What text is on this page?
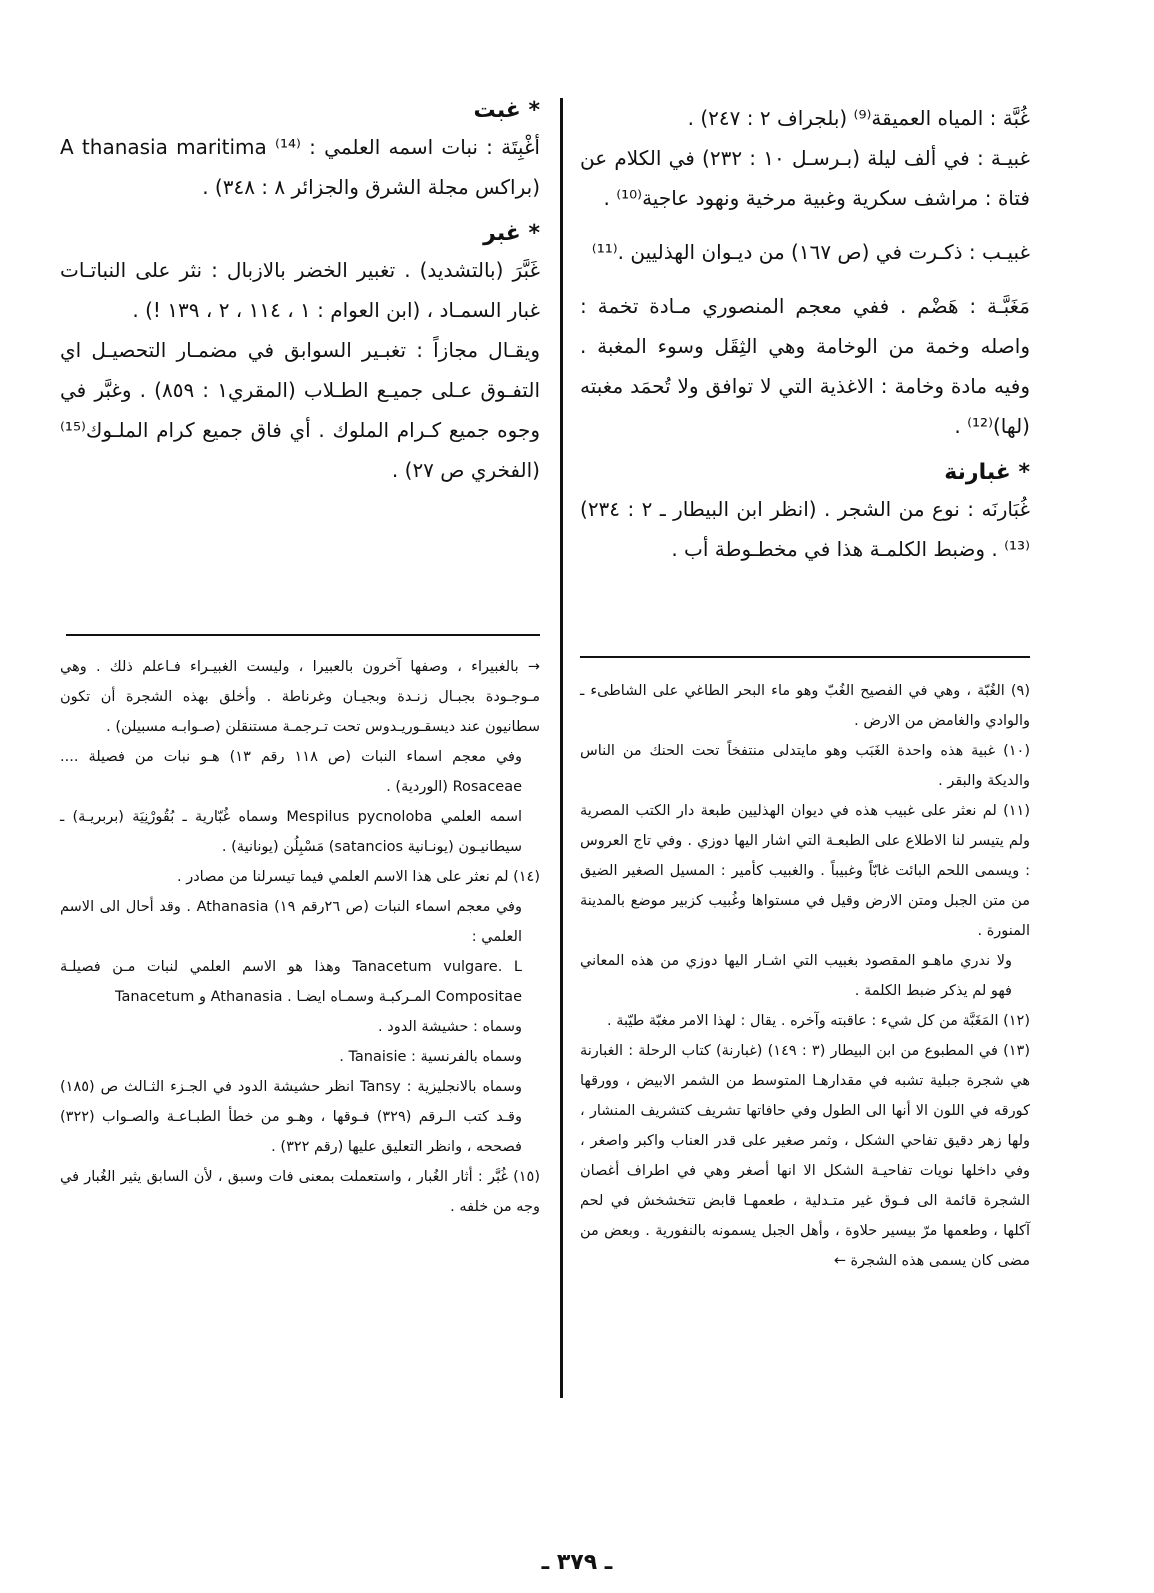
غُبَّة : المياه العميقة⁽⁹⁾ (بلجراف ٢ : ٢٤٧) .

غبيـة : في ألف ليلة (بـرسـل ١٠ : ٢٣٢) في الكلام عن فتاة : مراشف سكرية وغبية مرخية ونهود عاجية⁽¹⁰⁾ .

غبيـب : ذكـرت في (ص ١٦٧) من ديـوان الهذليين .⁽¹¹⁾

مَغَبَّـة : هَضْم . ففي معجم المنصوري مـادة تخمة : واصله وخمة من الوخامة وهي الثِقَل وسوء المغبة . وفيه مادة وخامة : الاغذية التي لا توافق ولا تُحمَد مغبته (لها)⁽¹²⁾ .

* غبارنة

غُبَارنَه : نوع من الشجر . (انظر ابن البيطار ـ ٢ : ٢٣٤)⁽¹³⁾ . وضبط الكلمـة هذا في مخطـوطة أب .

* غبت

أغْبِتَة : نبات اسمه العلمي : A thanasia maritima ⁽¹⁴⁾(براكس مجلة الشرق والجزائر ٨ : ٣٤٨) .

* غبر

غَبَّرَ (بالتشديد) . تغبير الخضر بالازبال : نثر على النباتـات غبار السمـاد ، (ابن العوام : ١ ، ١١٤ ، ٢ ، ١٣٩ !) .

ويقـال مجازاً : تغبـير السوابق في مضمـار التحصيـل اي التفـوق عـلى جميـع الطـلاب (المقري١ : ٨٥٩) . وغبَّر في وجوه جميع كـرام الملوك . أي فاق جميع كرام الملـوك⁽¹⁵⁾ (الفخري ص ٢٧) .

(٩) الغُبّة ، وهي في الفصيح الغُبّ وهو ماء البحر الطاغي على الشاطىء ـ والوادي والغامض من الارض .

(١٠) غبية هذه واحدة الغَبَب وهو مايتدلى منتفخاً تحت الحنك من الناس والديكة والبقر .

(١١) لم نعثر على غبيب هذه في ديوان الهذليين طبعة دار الكتب المصرية ولم يتيسر لنا الاطلاع على الطبعـة التي اشار اليها دوزي . وفي تاج العروس : ويسمى اللحم البائت غابّاً وغبيباً . والغبيب كأمير : المسيل الصغير الضيق من متن الجبل ومتن الارض وقيل في مستواها وغُبيب كزبير موضع بالمدينة المنورة .

ولا ندري ماهـو المقصود بغبيب التي اشـار اليها دوزي من هذه المعاني فهو لم يذكر ضبط الكلمة .

(١٢) المَغَبَّة من كل شيء : عاقبته وآخره . يقال : لهذا الامر مغبّة طيّبة .

(١٣) في المطبوع من ابن البيطار (٣ : ١٤٩) (غبارنة) كتاب الرحلة : الغبارنة هي شجرة جبلية تشبه في مقدارهـا المتوسط من الشمر الابيض ، وورقها كورقه في اللون الا أنها الى الطول وفي حافاتها تشريف كتشريف المنشار ، ولها زهر دقيق تفاحي الشكل ، وثمر صغير على قدر العناب واكبر واصغر ، وفي داخلها نويات تفاحيـة الشكل الا انها أصغر وهي في اطراف أغصان الشجرة قائمة الى فـوق غير متـدلية ، طعمهـا قابض تتخشخش في لحم آكلها ، وطعمها مرّ بيسير حلاوة ، وأهل الجبل يسمونه بالنفورية . وبعض من مضى كان يسمى هذه الشجرة ←

→ بالغبيراء ، وصفها آخرون بالعبيرا ، وليست الغبيـراء فـاعلم ذلك . وهي مـوجـودة بجبـال زنـدة وبجيـان وغرناطة . وأخلق بهذه الشجرة أن تكون سطانيون عند ديسقـوريـدوس تحت تـرجمـة مستنقلن (صـوابـه مسبيلن) .

وفي معجم اسماء النبات (ص ١١٨ رقم ١٣) هـو نبات من فصيلة .... Rosaceae (الوردية) .

اسمه العلمي Mespilus pycnoloba وسماه غُبّارية ـ بُقُورْنِيَة (بربريـة) ـ سيطانيـون (يونـانية satancios) مَسْبِلُن (يونانية) .

(١٤) لم نعثر على هذا الاسم العلمي فيما تيسرلنا من مصادر .

وفي معجم اسماء النبات (ص ٢٦رقم ١٩) Athanasia . وقد أحال الى الاسم العلمي :

Tanacetum vulgare. L وهذا هو الاسم العلمي لنبات مـن فصيلـة Compositae المـركبـة وسمـاه ايضـا . Athanasia و Tanacetum

وسماه : حشيشة الدود .

وسماه بالفرنسية : Tanaisie .

وسماه بالانجليزية : Tansy انظر حشيشة الدود في الجـزء الثـالث ص (١٨٥) وقـد كتب الـرقم (٣٢٩) فـوقها ، وهـو من خطأ الطبـاعـة والصـواب (٣٢٢) فصححه ، وانظر التعليق عليها (رقم ٣٢٢) .

(١٥) غُبَّر : أثار الغُبار ، واستعملت بمعنى فات وسبق ، لأن السابق يثير الغُبار في وجه من خلفه .

ـ ٣٧٩ ـ
